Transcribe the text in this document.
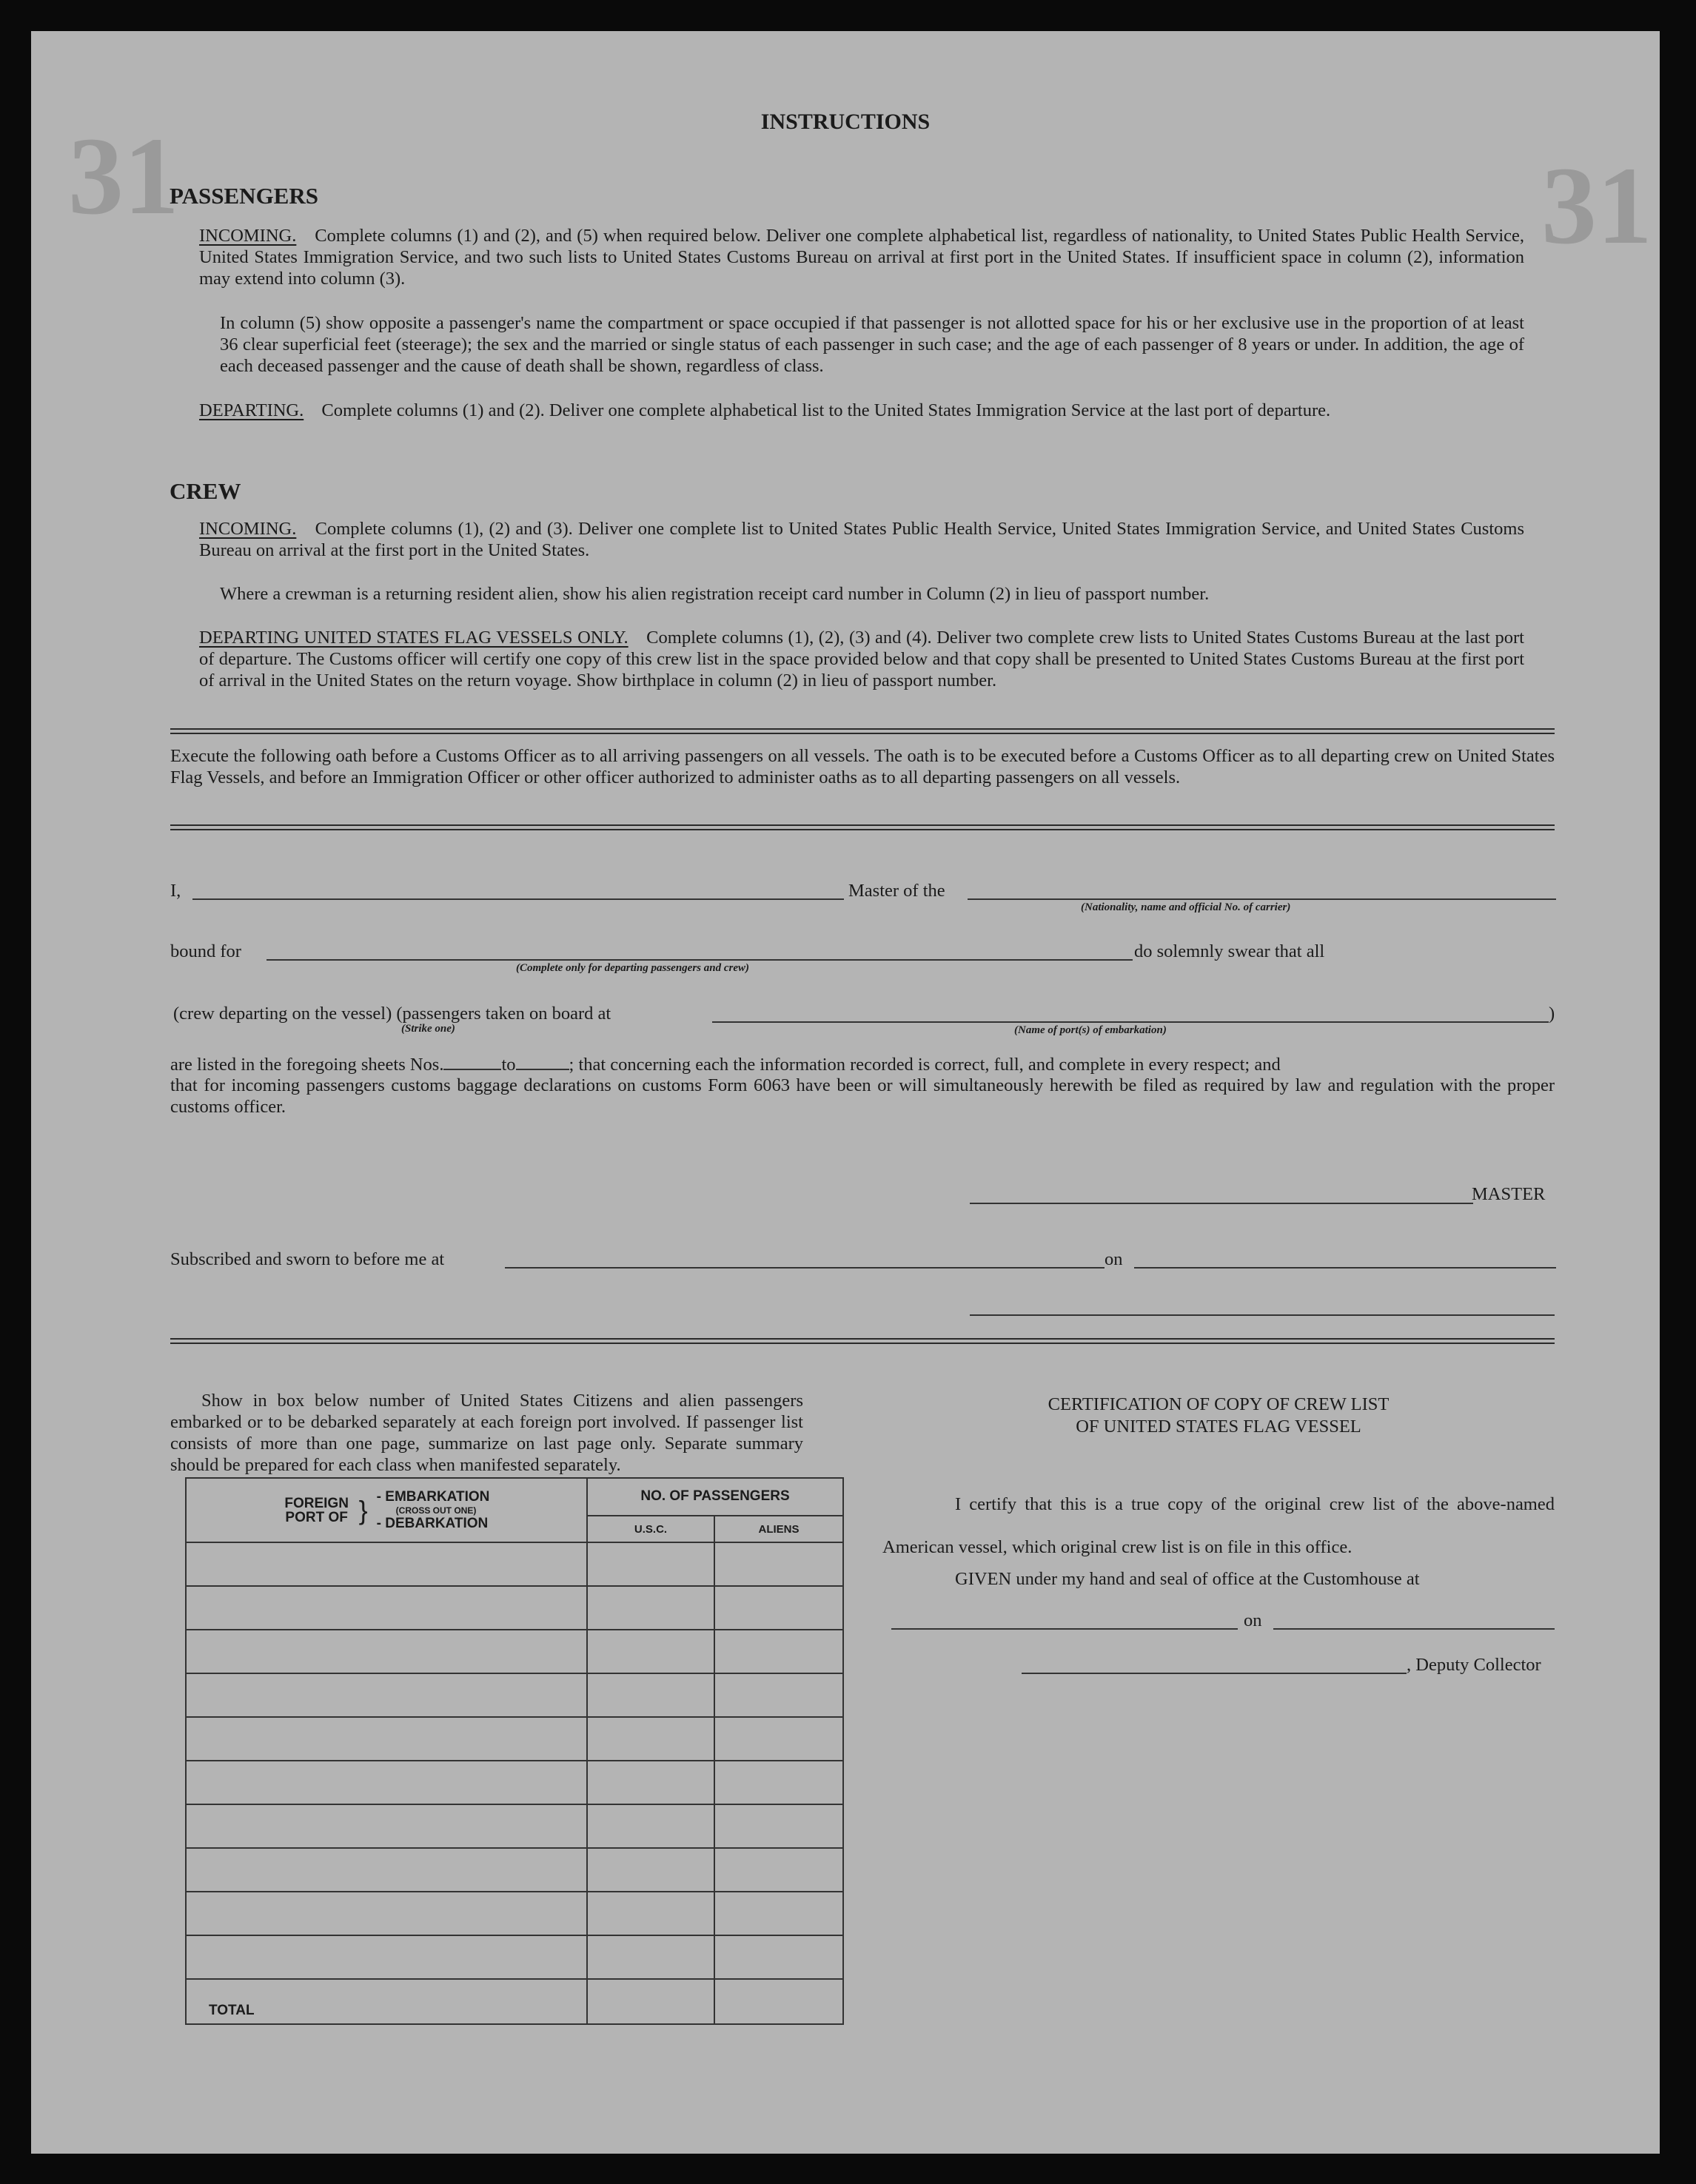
31	31
INSTRUCTIONS
PASSENGERS
INCOMING. Complete columns (1) and (2), and (5) when required below. Deliver one complete alphabetical list, regardless of nationality, to United States Public Health Service, United States Immigration Service, and two such lists to United States Customs Bureau on arrival at first port in the United States. If insufficient space in column (2), information may extend into column (3).
In column (5) show opposite a passenger's name the compartment or space occupied if that passenger is not allotted space for his or her exclusive use in the proportion of at least 36 clear superficial feet (steerage); the sex and the married or single status of each passenger in such case; and the age of each passenger of 8 years or under. In addition, the age of each deceased passenger and the cause of death shall be shown, regardless of class.
DEPARTING. Complete columns (1) and (2). Deliver one complete alphabetical list to the United States Immigration Service at the last port of departure.
CREW
INCOMING. Complete columns (1), (2) and (3). Deliver one complete list to United States Public Health Service, United States Immigration Service, and United States Customs Bureau on arrival at the first port in the United States.
Where a crewman is a returning resident alien, show his alien registration receipt card number in Column (2) in lieu of passport number.
DEPARTING UNITED STATES FLAG VESSELS ONLY. Complete columns (1), (2), (3) and (4). Deliver two complete crew lists to United States Customs Bureau at the last port of departure. The Customs officer will certify one copy of this crew list in the space provided below and that copy shall be presented to United States Customs Bureau at the first port of arrival in the United States on the return voyage. Show birthplace in column (2) in lieu of passport number.
Execute the following oath before a Customs Officer as to all arriving passengers on all vessels. The oath is to be executed before a Customs Officer as to all departing crew on United States Flag Vessels, and before an Immigration Officer or other officer authorized to administer oaths as to all departing passengers on all vessels.
I,	Master of the
(Nationality, name and official No. of carrier)
bound for
(Complete only for departing passengers and crew)
do solemnly swear that all
(crew departing on the vessel) (passengers taken on board at
(Strike one)
)
(Name of port(s) of embarkation)
are listed in the foregoing sheets Nos.	to	; that concerning each the information recorded is correct, full, and complete in every respect; and
that for incoming passengers customs baggage declarations on customs Form 6063 have been or will simultaneously herewith be filed as required by law and regulation with the proper customs officer.
MASTER
Subscribed and sworn to before me at	on
Show in box below number of United States Citizens and alien passengers embarked or to be debarked separately at each foreign port involved. If passenger list consists of more than one page, summarize on last page only. Separate summary should be prepared for each class when manifested separately.
FOREIGN PORT OF } - EMBARKATION
(CROSS OUT ONE)
- DEBARKATION	NO. OF PASSENGERS	
	U.S.C.	ALIENS

TOTAL		
CERTIFICATION OF COPY OF CREW LIST
OF UNITED STATES FLAG VESSEL
I certify that this is a true copy of the original crew list of the above-named American vessel, which original crew list is on file in this office.
GIVEN under my hand and seal of office at the Customhouse at
on
, Deputy Collector
